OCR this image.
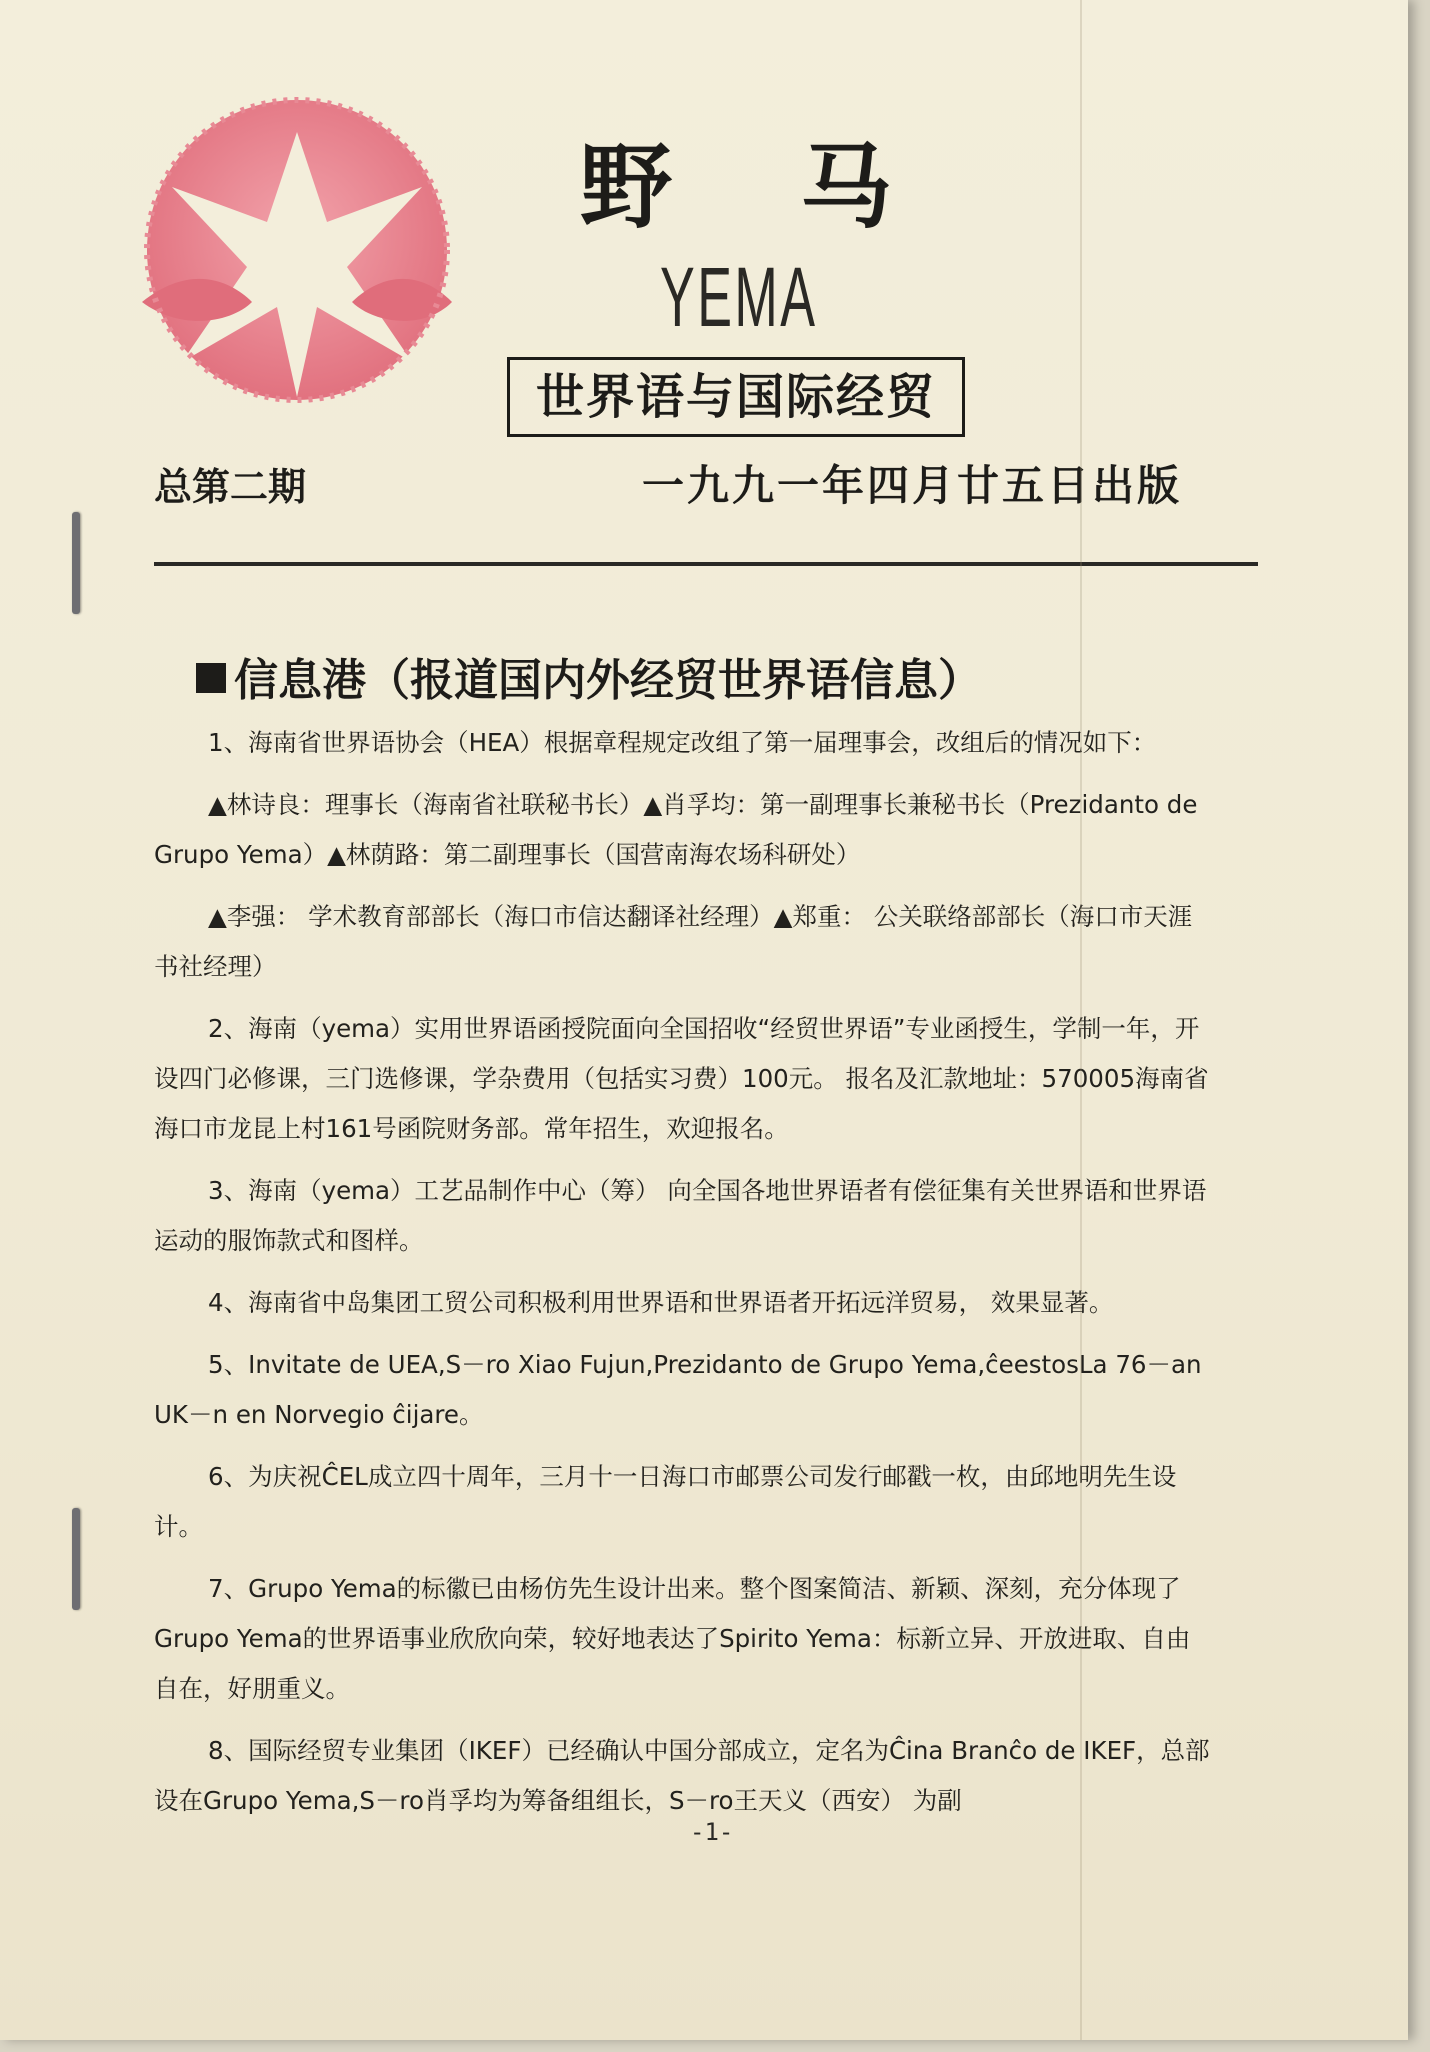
野    马
YEMA
世界语与国际经贸
总第二期	一九九一年四月廿五日出版
信息港（报道国内外经贸世界语信息）

1、海南省世界语协会（HEA）根据章程规定改组了第一届理事会，改组后的情况如下：

▲林诗良：理事长（海南省社联秘书长）▲肖孚均：第一副理事长兼秘书长（Prezidanto de Grupo Yema）▲林荫路：第二副理事长（国营南海农场科研处）

▲李强： 学术教育部部长（海口市信达翻译社经理）▲郑重： 公关联络部部长（海口市天涯书社经理）

2、海南（yema）实用世界语函授院面向全国招收“经贸世界语”专业函授生，学制一年，开设四门必修课，三门选修课，学杂费用（包括实习费）100元。 报名及汇款地址：570005海南省海口市龙昆上村161号函院财务部。常年招生，欢迎报名。

3、海南（yema）工艺品制作中心（筹） 向全国各地世界语者有偿征集有关世界语和世界语运动的服饰款式和图样。

4、海南省中岛集团工贸公司积极利用世界语和世界语者开拓远洋贸易， 效果显著。

5、Invitate de UEA,S－ro Xiao Fujun,Prezidanto de Grupo Yema,ĉeestosLa 76－an UK－n en Norvegio ĉijare。

6、为庆祝ĈEL成立四十周年，三月十一日海口市邮票公司发行邮戳一枚，由邱地明先生设计。

7、Grupo Yema的标徽已由杨仿先生设计出来。整个图案简洁、新颖、深刻，充分体现了Grupo Yema的世界语事业欣欣向荣，较好地表达了Spirito Yema：标新立异、开放进取、自由自在，好朋重义。

8、国际经贸专业集团（IKEF）已经确认中国分部成立，定名为Ĉina Branĉo de IKEF，总部设在Grupo Yema,S－ro肖孚均为筹备组组长，S－ro王天义（西安） 为副

-1-
